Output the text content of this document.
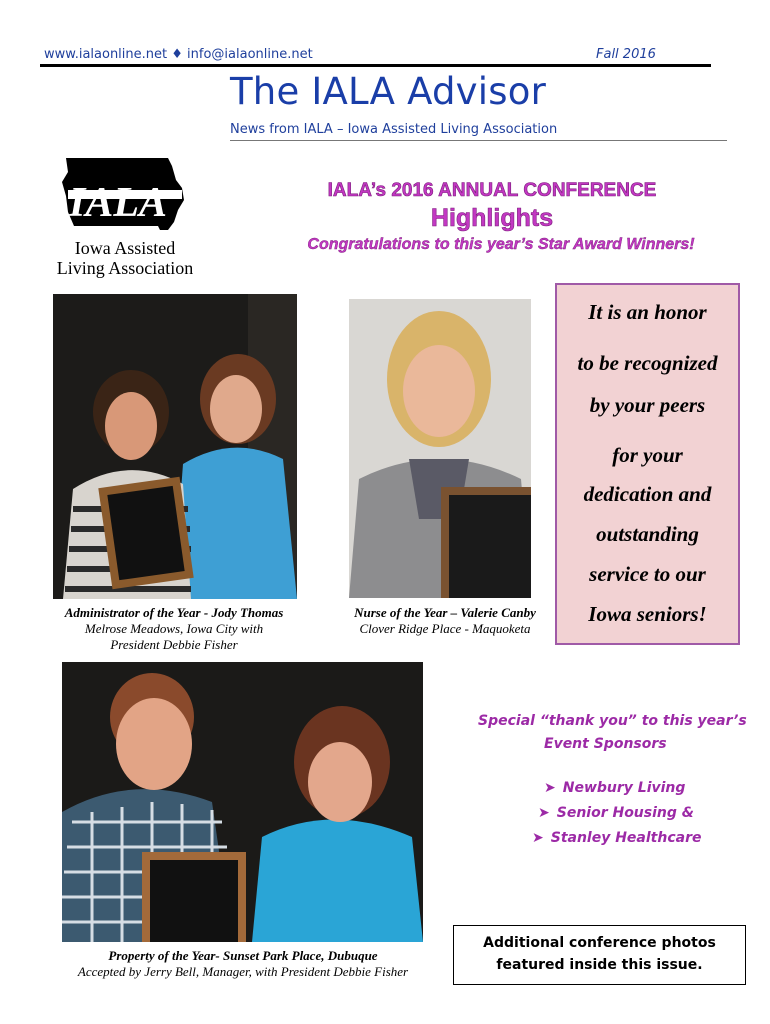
www.ialaonline.net ♦ info@ialaonline.net	Fall 2016
The IALA Advisor
News from IALA – Iowa Assisted Living Association
IALA
Iowa Assisted
Living Association
IALA’s 2016 ANNUAL CONFERENCE
Highlights
Congratulations to this year’s Star Award Winners!
Administrator of the Year - Jody Thomas
Melrose Meadows, Iowa City with
President Debbie Fisher
Nurse of the Year – Valerie Canby
Clover Ridge Place - Maquoketa
Property of the Year- Sunset Park Place, Dubuque
Accepted by Jerry Bell, Manager, with President Debbie Fisher
It is an honor
to be recognized
by your peers
for your
dedication and
outstanding
service to our
Iowa seniors!
Special “thank you” to this year’s
Event Sponsors
➤ Newbury Living
➤ Senior Housing &
➤ Stanley Healthcare
Additional conference photos
featured inside this issue.
